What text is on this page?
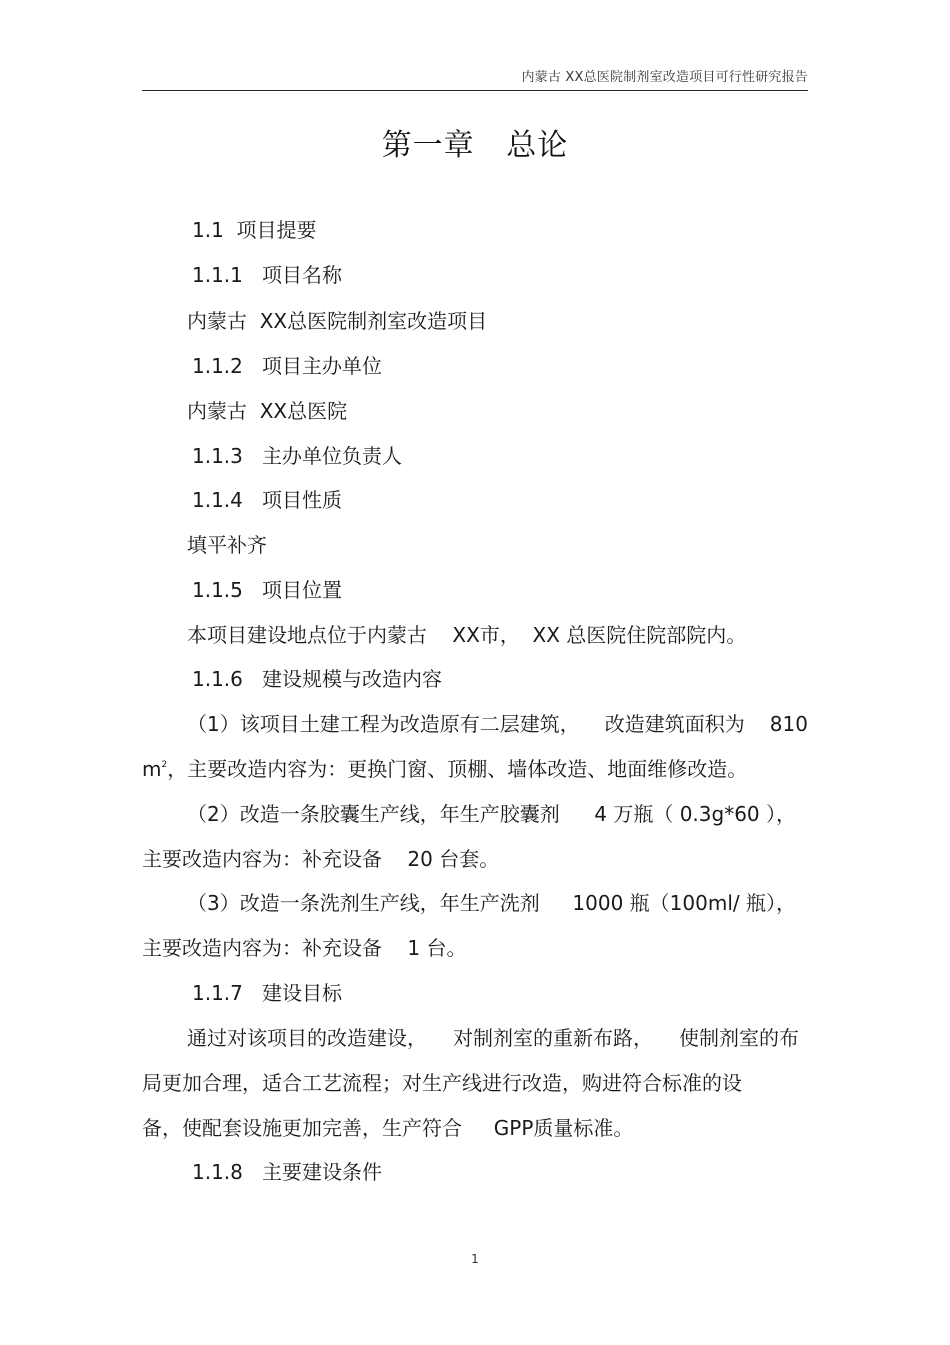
内蒙古 XX总医院制剂室改造项目可行性研究报告
第一章   总论
1.1  项目提要
1.1.1   项目名称
内蒙古  XX总医院制剂室改造项目
1.1.2   项目主办单位
内蒙古  XX总医院
1.1.3   主办单位负责人
1.1.4   项目性质
填平补齐
1.1.5   项目位置
本项目建设地点位于内蒙古    XX市，  XX 总医院住院部院内。
1.1.6   建设规模与改造内容
（1）该项目土建工程为改造原有二层建筑， 改造建筑面积为 810
$m^2$，主要改造内容为：更换门窗、顶棚、墙体改造、地面维修改造。
（2）改造一条胶囊生产线，年生产胶囊剂 4 万瓶（ 0.3g*60 ），
主要改造内容为：补充设备    20 台套。
（3）改造一条洗剂生产线，年生产洗剂 1000 瓶（100ml/ 瓶），
主要改造内容为：补充设备    1 台。
1.1.7   建设目标
通过对该项目的改造建设， 对制剂室的重新布路， 使制剂室的布
局更加合理，适合工艺流程；对生产线进行改造，购进符合标准的设
备，使配套设施更加完善，生产符合     GPP质量标准。
1.1.8   主要建设条件
1
